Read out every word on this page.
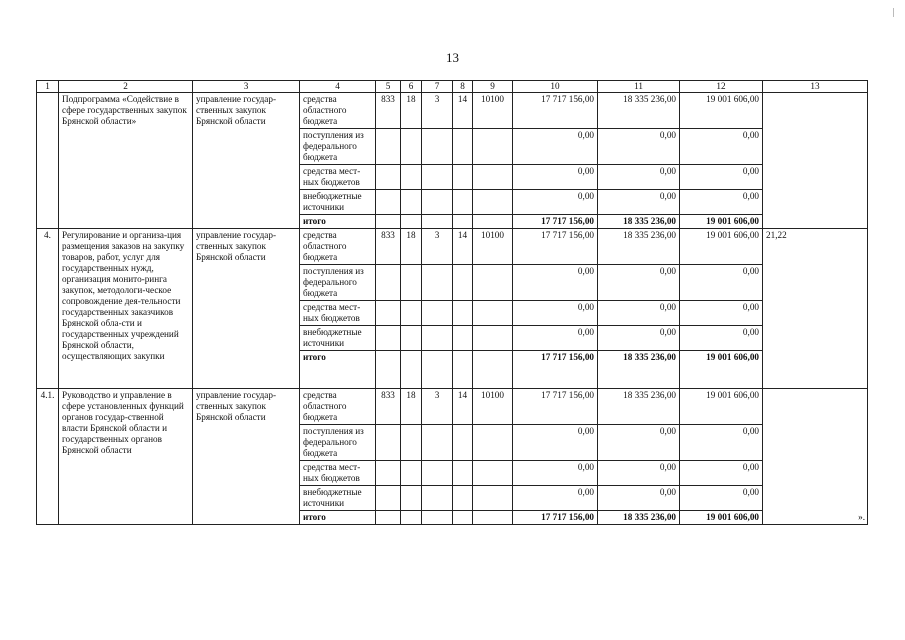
13
1	2	3	4	5	6	7	8	9	10	11	12	13
	Подпрограмма «Содействие в сфере государственных закупок Брянской области»	управление государ-ственных закупок Брянской области	средства областного бюджета	833	18	3	14	10100	17 717 156,00	18 335 236,00	19 001 606,00	
			поступления из федерального бюджета						0,00	0,00	0,00	
			средства мест-ных бюджетов						0,00	0,00	0,00	
			внебюджетные источники						0,00	0,00	0,00	
			итого						17 717 156,00	18 335 236,00	19 001 606,00	
4.	Регулирование и организа-ция размещения заказов на закупку товаров, работ, услуг для государственных нужд, организация монито-ринга закупок, методологи-ческое сопровождение дея-тельности государственных заказчиков Брянской обла-сти и государственных учреждений Брянской области, осуществляющих закупки	управление государ-ственных закупок Брянской области	средства областного бюджета	833	18	3	14	10100	17 717 156,00	18 335 236,00	19 001 606,00	21,22
			поступления из федерального бюджета						0,00	0,00	0,00	
			средства мест-ных бюджетов						0,00	0,00	0,00	
			внебюджетные источники						0,00	0,00	0,00	
			итого						17 717 156,00	18 335 236,00	19 001 606,00	
4.1.	Руководство и управление в сфере установленных функций органов государ-ственной власти Брянской области и государственных органов Брянской области	управление государ-ственных закупок Брянской области	средства областного бюджета	833	18	3	14	10100	17 717 156,00	18 335 236,00	19 001 606,00	».

			поступления из федерального бюджета						0,00	0,00	0,00	
			средства мест-ных бюджетов						0,00	0,00	0,00	
			внебюджетные источники						0,00	0,00	0,00	
			итого						17 717 156,00	18 335 236,00	19 001 606,00	
